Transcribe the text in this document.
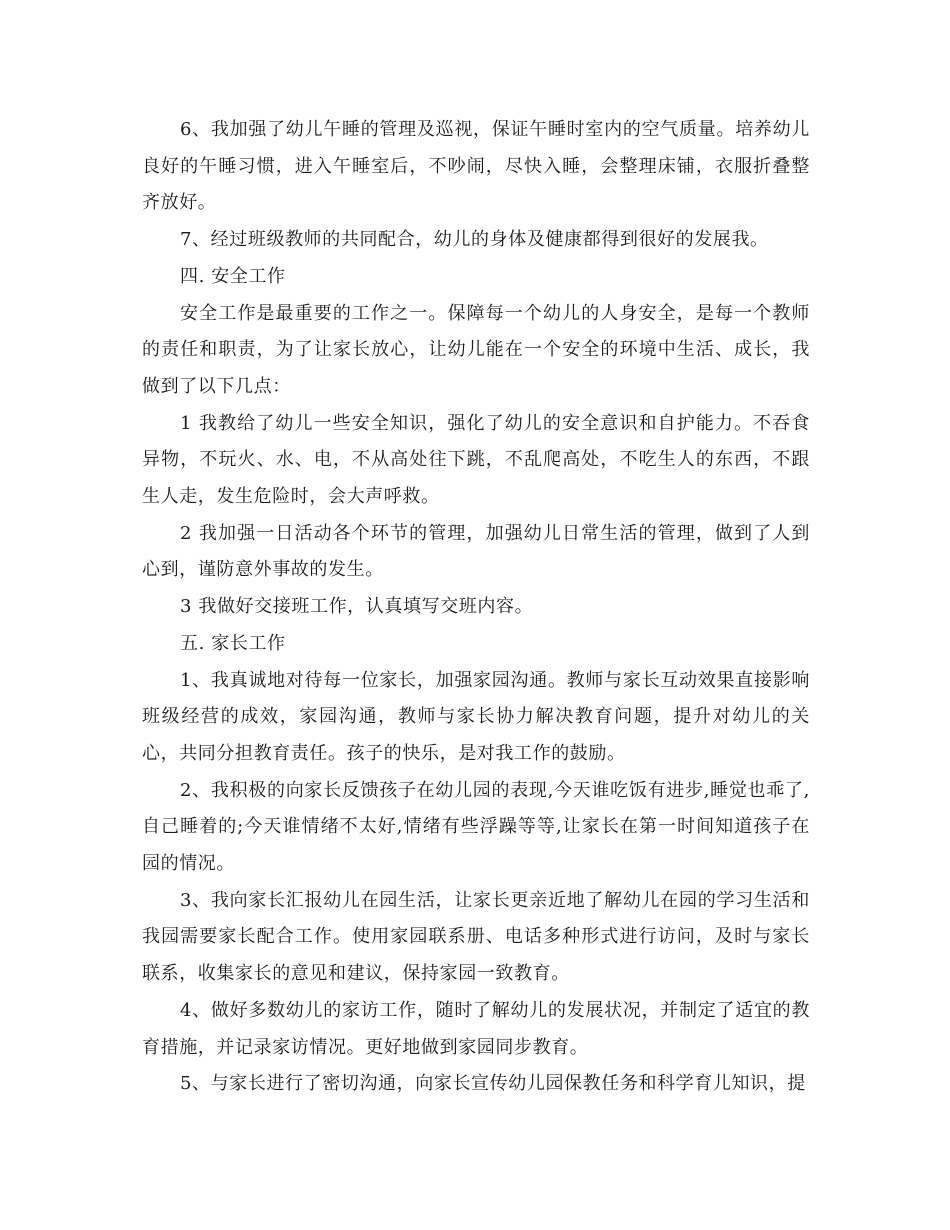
6、我加强了幼儿午睡的管理及巡视，保证午睡时室内的空气质量。培养幼儿良好的午睡习惯，进入午睡室后，不吵闹，尽快入睡，会整理床铺，衣服折叠整齐放好。

7、经过班级教师的共同配合，幼儿的身体及健康都得到很好的发展我。

四. 安全工作

安全工作是最重要的工作之一。保障每一个幼儿的人身安全，是每一个教师的责任和职责，为了让家长放心，让幼儿能在一个安全的环境中生活、成长，我做到了以下几点：

1 我教给了幼儿一些安全知识，强化了幼儿的安全意识和自护能力。不吞食异物，不玩火、水、电，不从高处往下跳，不乱爬高处，不吃生人的东西，不跟生人走，发生危险时，会大声呼救。

2 我加强一日活动各个环节的管理，加强幼儿日常生活的管理，做到了人到心到，谨防意外事故的发生。

3 我做好交接班工作，认真填写交班内容。

五. 家长工作

1、我真诚地对待每一位家长，加强家园沟通。教师与家长互动效果直接影响班级经营的成效，家园沟通，教师与家长协力解决教育问题，提升对幼儿的关心，共同分担教育责任。孩子的快乐，是对我工作的鼓励。

2、我积极的向家长反馈孩子在幼儿园的表现,今天谁吃饭有进步,睡觉也乖了,自己睡着的;今天谁情绪不太好,情绪有些浮躁等等,让家长在第一时间知道孩子在园的情况。

3、我向家长汇报幼儿在园生活，让家长更亲近地了解幼儿在园的学习生活和我园需要家长配合工作。使用家园联系册、电话多种形式进行访问，及时与家长联系，收集家长的意见和建议，保持家园一致教育。

4、做好多数幼儿的家访工作，随时了解幼儿的发展状况，并制定了适宜的教育措施，并记录家访情况。更好地做到家园同步教育。

5、与家长进行了密切沟通，向家长宣传幼儿园保教任务和科学育儿知识，提
